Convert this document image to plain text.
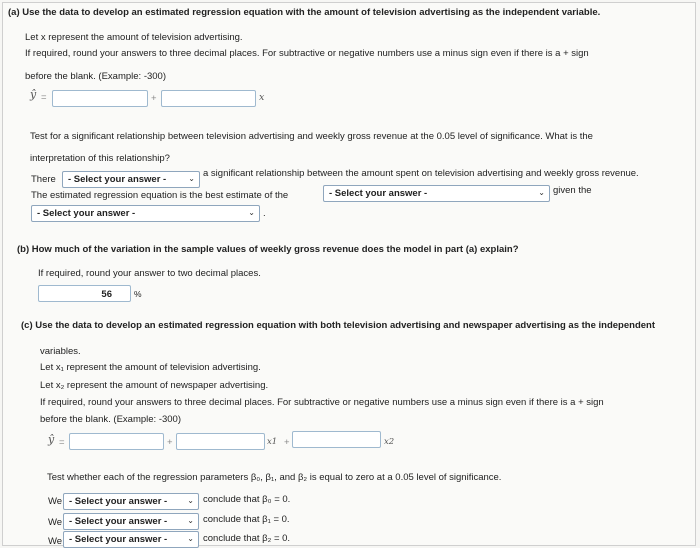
(a) Use the data to develop an estimated regression equation with the amount of television advertising as the independent variable.
Let x represent the amount of television advertising.
If required, round your answers to three decimal places. For subtractive or negative numbers use a minus sign even if there is a + sign
before the blank. (Example: -300)
ŷ =	+	x
Test for a significant relationship between television advertising and weekly gross revenue at the 0.05 level of significance. What is the
interpretation of this relationship?
There	- Select your answer -	⌄ a significant relationship between the amount spent on television advertising and weekly gross revenue.
The estimated regression equation is the best estimate of the	- Select your answer -	⌄ given the
- Select your answer -	⌄ .
(b) How much of the variation in the sample values of weekly gross revenue does the model in part (a) explain?
If required, round your answer to two decimal places.
56	%
(c) Use the data to develop an estimated regression equation with both television advertising and newspaper advertising as the independent
variables.
Let x₁ represent the amount of television advertising.
Let x₂ represent the amount of newspaper advertising.
If required, round your answers to three decimal places. For subtractive or negative numbers use a minus sign even if there is a + sign
before the blank. (Example: -300)
ŷ =	+	x1 +	x2
Test whether each of the regression parameters β₀, β₁, and β₂ is equal to zero at a 0.05 level of significance.
We - Select your answer -	⌄ conclude that β₀ = 0.
We - Select your answer -	⌄ conclude that β₁ = 0.
We - Select your answer -	⌄ conclude that β₂ = 0.
